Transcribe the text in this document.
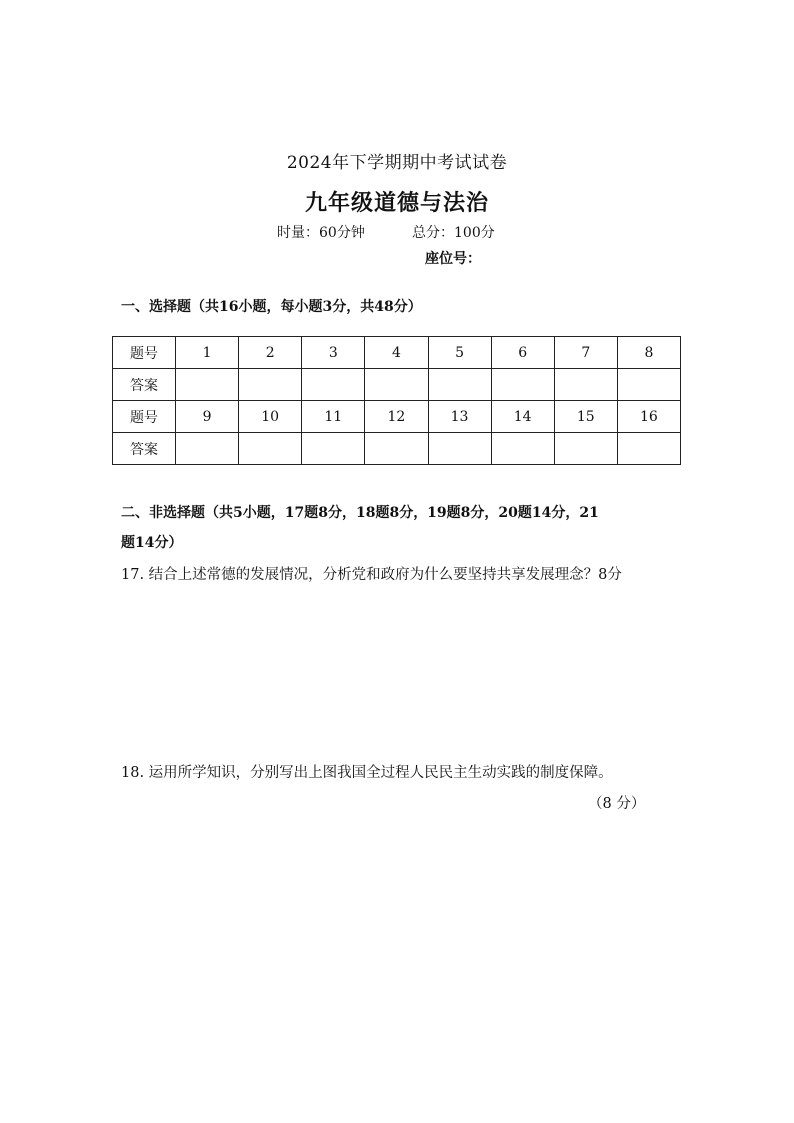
2024年下学期期中考试试卷
九年级道德与法治
时量：60分钟	总分：100分
座位号：
一、选择题（共16小题，每小题3分，共48分）
题号	1	2	3	4	5	6	7	8
答案								
题号	9	10	11	12	13	14	15	16
答案								
二、非选择题（共5小题，17题8分，18题8分，19题8分，20题14分，21
题14分）
17. 结合上述常德的发展情况，分析党和政府为什么要坚持共享发展理念？8分
18. 运用所学知识，分别写出上图我国全过程人民民主生动实践的制度保障。
（8 分）
